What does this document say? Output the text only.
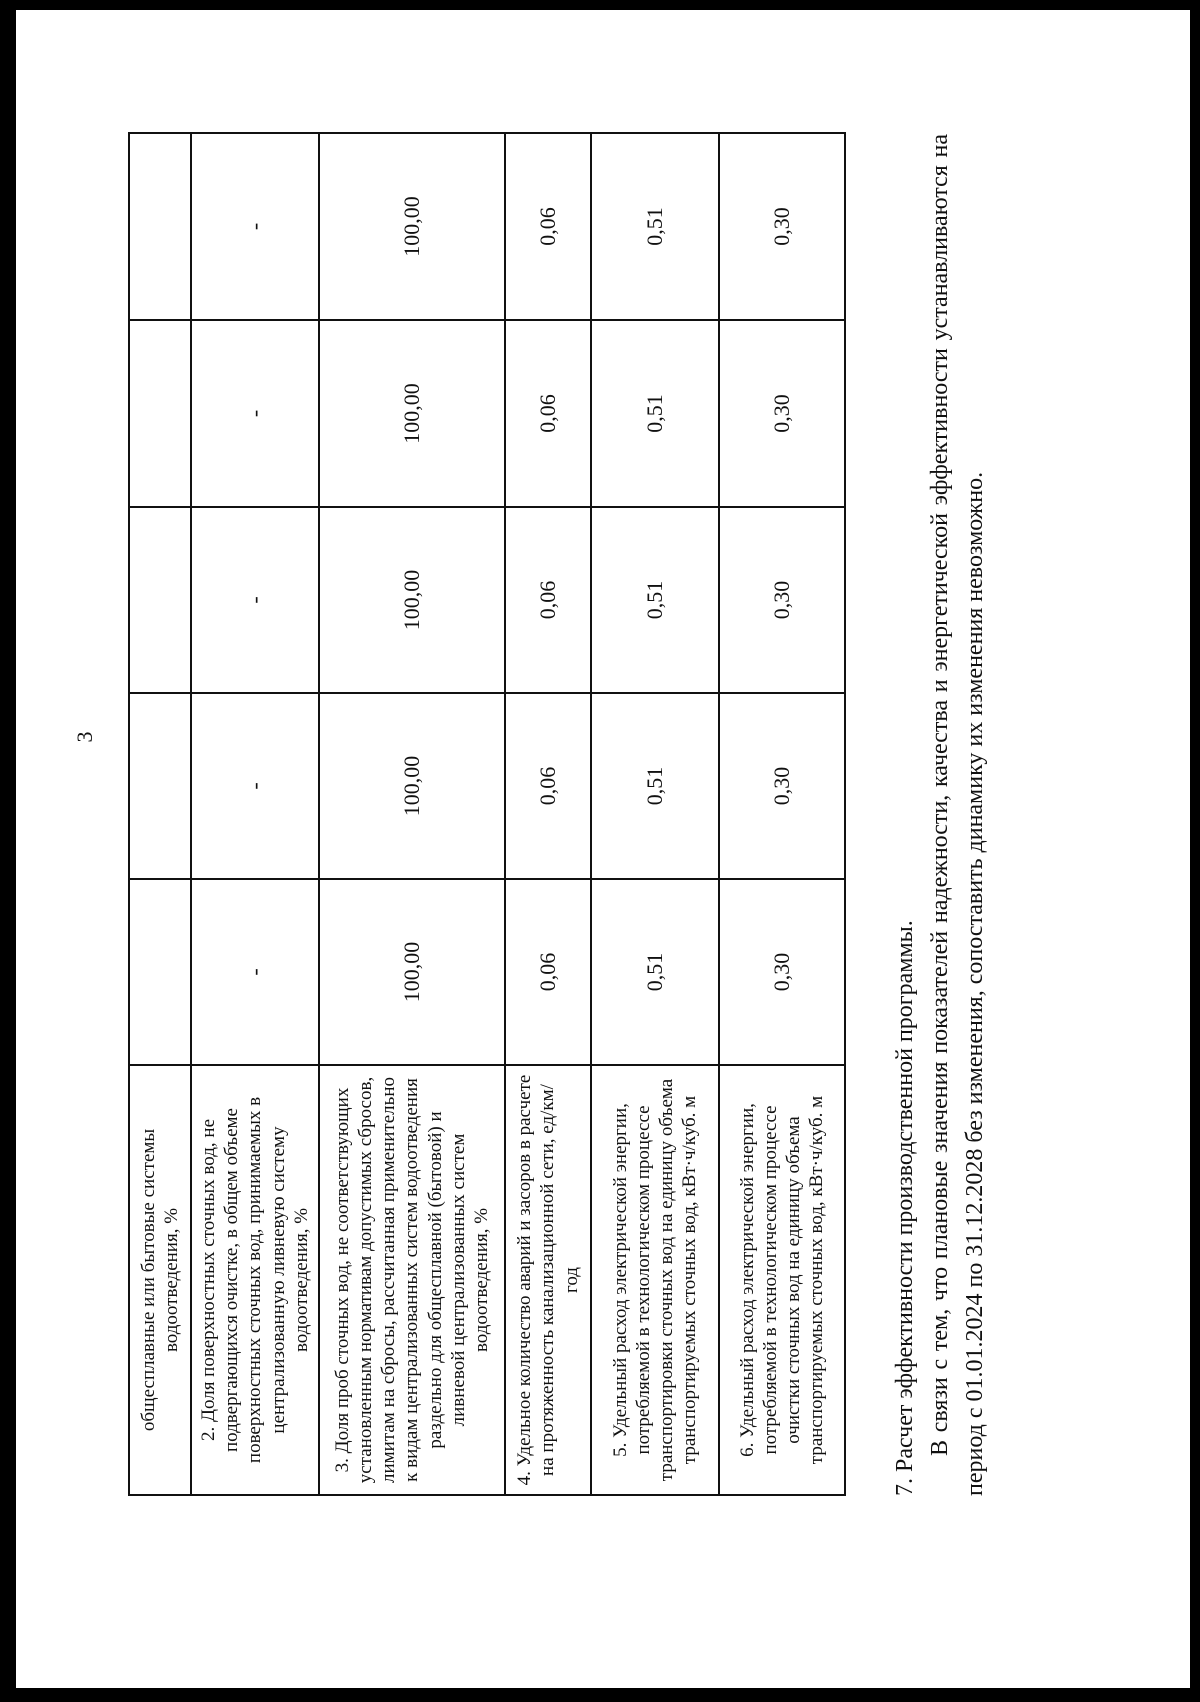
3
общесплавные или бытовые системы водоотведения, %					
2. Доля поверхностных сточных вод, не подвергающихся очистке, в общем объеме поверхностных сточных вод, принимаемых в централизованную ливневую систему водоотведения, %	-	-	-	-	-
3. Доля проб сточных вод, не соответствующих установленным нормативам допустимых сбросов, лимитам на сбросы, рассчитанная применительно к видам централизованных систем водоотведения раздельно для общесплавной (бытовой) и ливневой централизованных систем водоотведения, %	100,00	100,00	100,00	100,00	100,00
4. Удельное количество аварий и засоров в расчете на протяженность канализационной сети, ед/км/год	0,06	0,06	0,06	0,06	0,06
5. Удельный расход электрической энергии, потребляемой в технологическом процессе транспортировки сточных вод на единицу объема транспортируемых сточных вод, кВт·ч/куб. м	0,51	0,51	0,51	0,51	0,51
6. Удельный расход электрической энергии, потребляемой в технологическом процессе очистки сточных вод на единицу объема транспортируемых сточных вод, кВт·ч/куб. м	0,30	0,30	0,30	0,30	0,30

7. Расчет эффективности производственной программы. В связи с тем, что плановые значения показателей надежности, качества и энергетической эффективности устанавливаются на период с 01.01.2024 по 31.12.2028 без изменения, сопоставить динамику их изменения невозможно.
